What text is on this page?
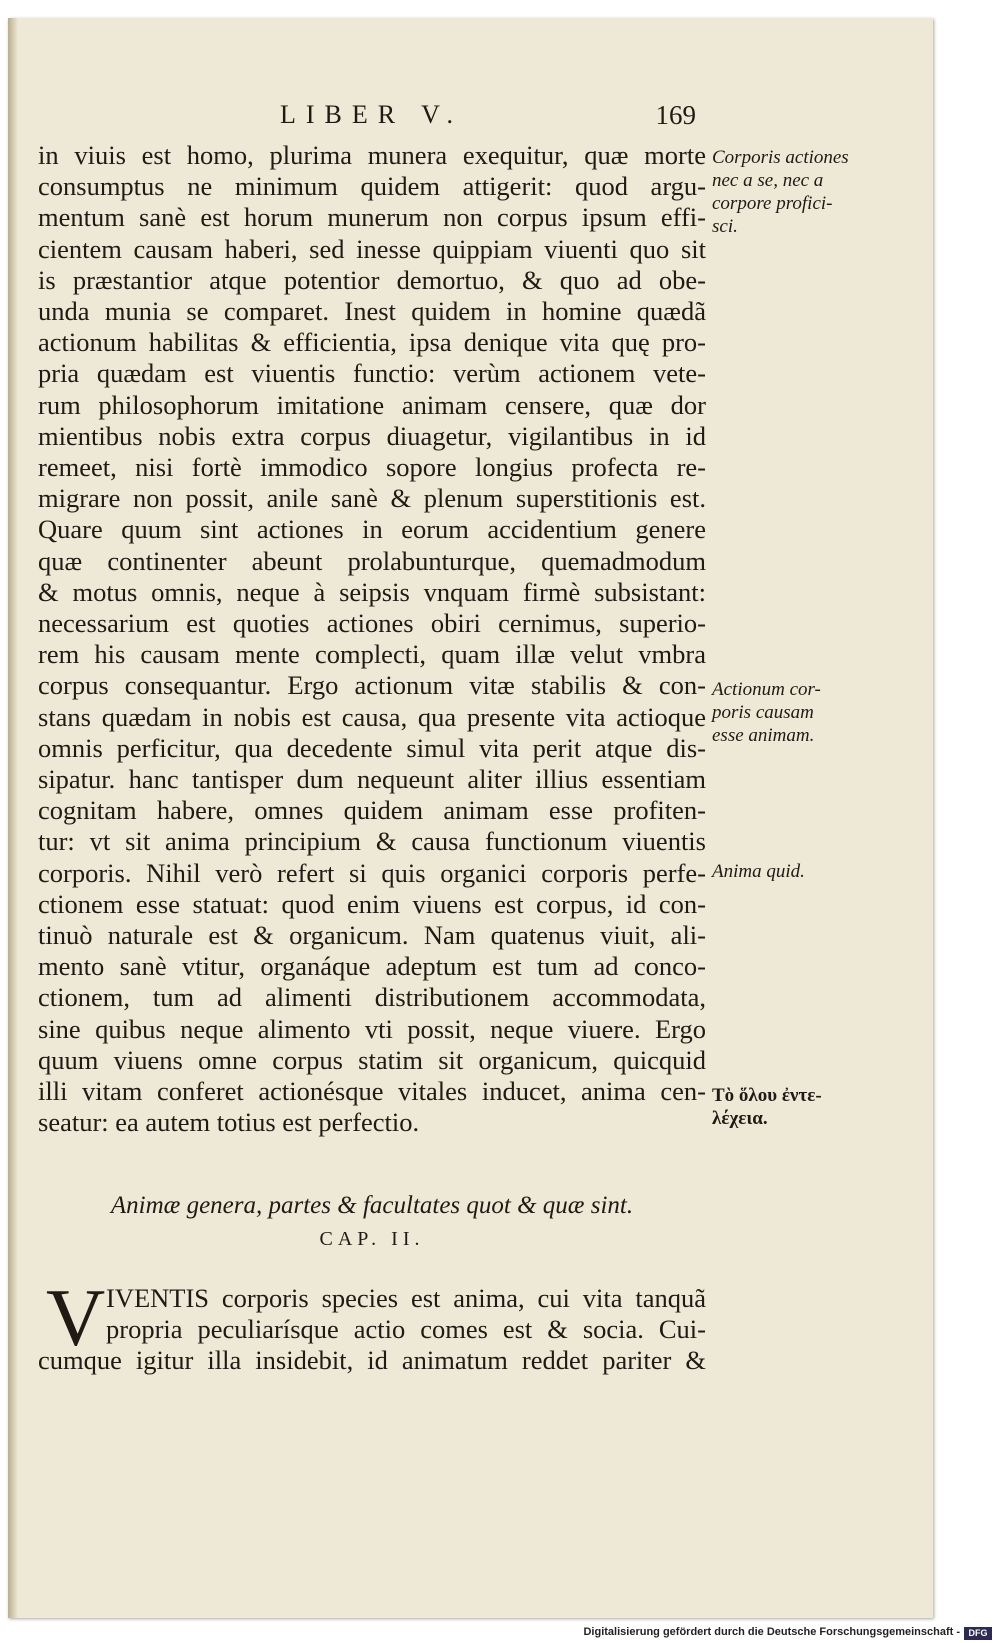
LIBER V.	169
in viuis est homo, plurima munera exequitur, quæ morte
consumptus ne minimum quidem attigerit: quod argu-
mentum sanè est horum munerum non corpus ipsum effi-
cientem causam haberi, sed inesse quippiam viuenti quo sit
is præstantior atque potentior demortuo, & quo ad obe-
unda munia se comparet. Inest quidem in homine quædã
actionum habilitas & efficientia, ipsa denique vita quę pro-
pria quædam est viuentis functio: verùm actionem vete-
rum philosophorum imitatione animam censere, quæ dor
mientibus nobis extra corpus diuagetur, vigilantibus in id
remeet, nisi fortè immodico sopore longius profecta re-
migrare non possit, anile sanè & plenum superstitionis est.
Quare quum sint actiones in eorum accidentium genere
quæ continenter abeunt prolabunturque, quemadmodum
& motus omnis, neque à seipsis vnquam firmè subsistant:
necessarium est quoties actiones obiri cernimus, superio-
rem his causam mente complecti, quam illæ velut vmbra
corpus consequantur. Ergo actionum vitæ stabilis & con-
stans quædam in nobis est causa, qua presente vita actioque
omnis perficitur, qua decedente simul vita perit atque dis-
sipatur. hanc tantisper dum nequeunt aliter illius essentiam
cognitam habere, omnes quidem animam esse profiten-
tur: vt sit anima principium & causa functionum viuentis
corporis. Nihil verò refert si quis organici corporis perfe-
ctionem esse statuat: quod enim viuens est corpus, id con-
tinuò naturale est & organicum. Nam quatenus viuit, ali-
mento sanè vtitur, organáque adeptum est tum ad conco-
ctionem, tum ad alimenti distributionem accommodata,
sine quibus neque alimento vti possit, neque viuere. Ergo
quum viuens omne corpus statim sit organicum, quicquid
illi vitam conferet actionésque vitales inducet, anima cen-
seatur: ea autem totius est perfectio.
Corporis actiones
nec a se, nec a
corpore profici-
sci.
Actionum cor-
poris causam
esse animam.
Anima quid.
Τὸ ὅλου ἐντε-
λέχεια.
Animæ genera, partes & facultates quot & quæ sint.
CAP. II.
V IVENTIS corporis species est anima, cui vita tanquã
propria peculiarísque actio comes est & socia. Cui-
cumque igitur illa insidebit, id animatum reddet pariter &
Digitalisierung gefördert durch die Deutsche Forschungsgemeinschaft - DFG
